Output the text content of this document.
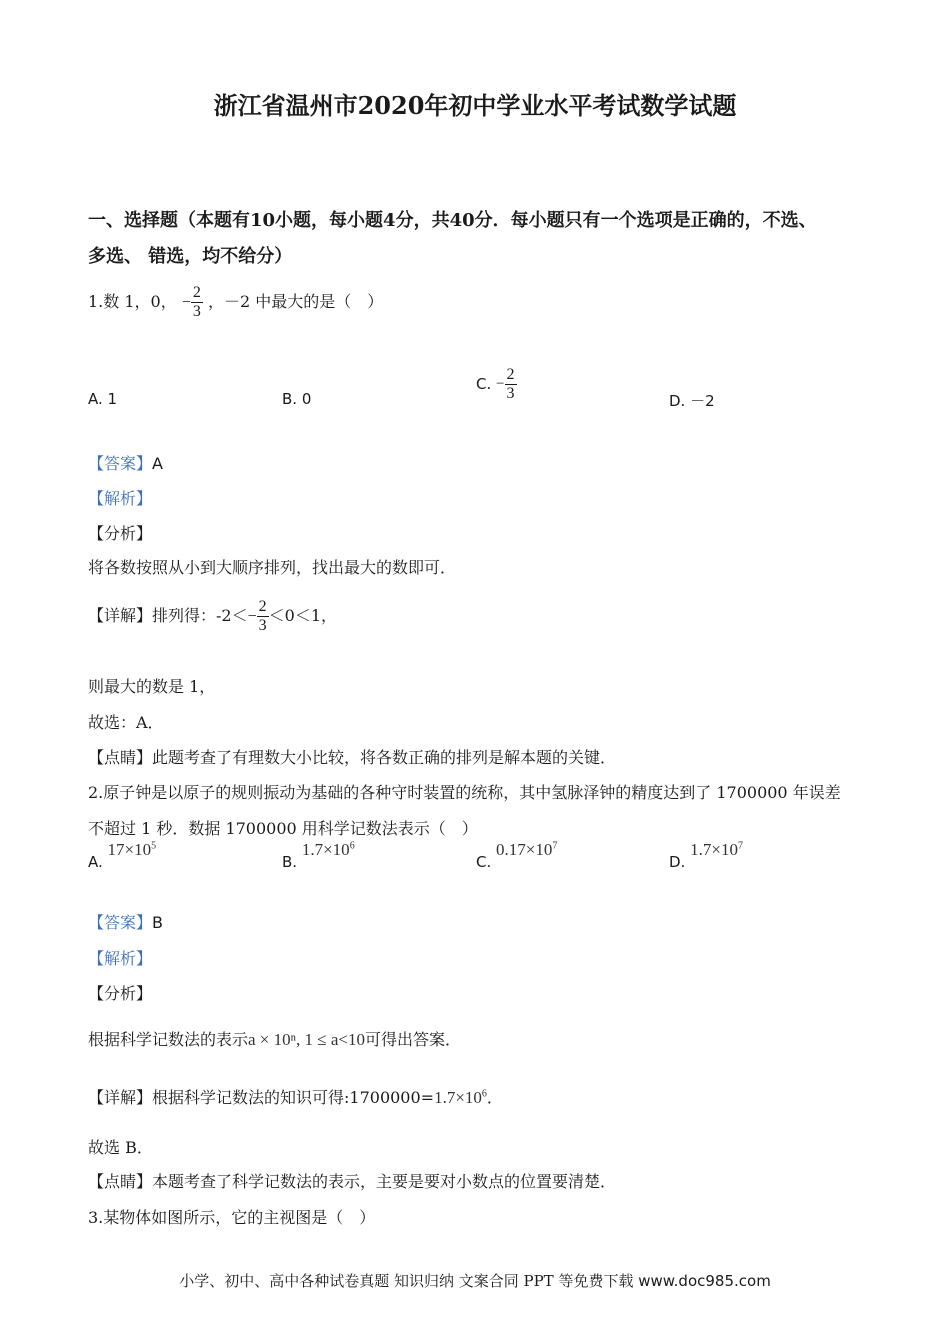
浙江省温州市2020年初中学业水平考试数学试题
一、选择题（本题有10小题，每小题4分，共40分．每小题只有一个选项是正确的，不选、
多选、 错选，均不给分）
1.数 1，0， − $\frac{2}{3}$ ，－2 中最大的是（　）
A. 1	B. 0
C. − $\frac{2}{3}$	D. －2
【答案】A
【解析】
【分析】
将各数按照从小到大顺序排列，找出最大的数即可．
【详解】排列得：$-2<- \frac{2}{3} <0<1$，
则最大的数是 1，
故选：A．
【点睛】此题考查了有理数大小比较，将各数正确的排列是解本题的关键．
2.原子钟是以原子的规则振动为基础的各种守时装置的统称，其中氢脉泽钟的精度达到了 1700000 年误差
不超过 1 秒．数据 1700000 用科学记数法表示（　）
A. $17\times 10^5$
B. $1.7\times 10^6$
C. $0.17\times 10^7$
D. $1.7\times 10^7$
【答案】B
【解析】
【分析】
根据科学记数法的表示a × 10ⁿ, 1 ≤ a<10可得出答案．
【详解】根据科学记数法的知识可得$:1700000=1.7\times 10^6$．
故选 B．
【点睛】本题考查了科学记数法的表示，主要是要对小数点的位置要清楚．
3.某物体如图所示，它的主视图是（　）
小学、初中、高中各种试卷真题 知识归纳 文案合同 PPT 等免费下载 www.doc985.com
